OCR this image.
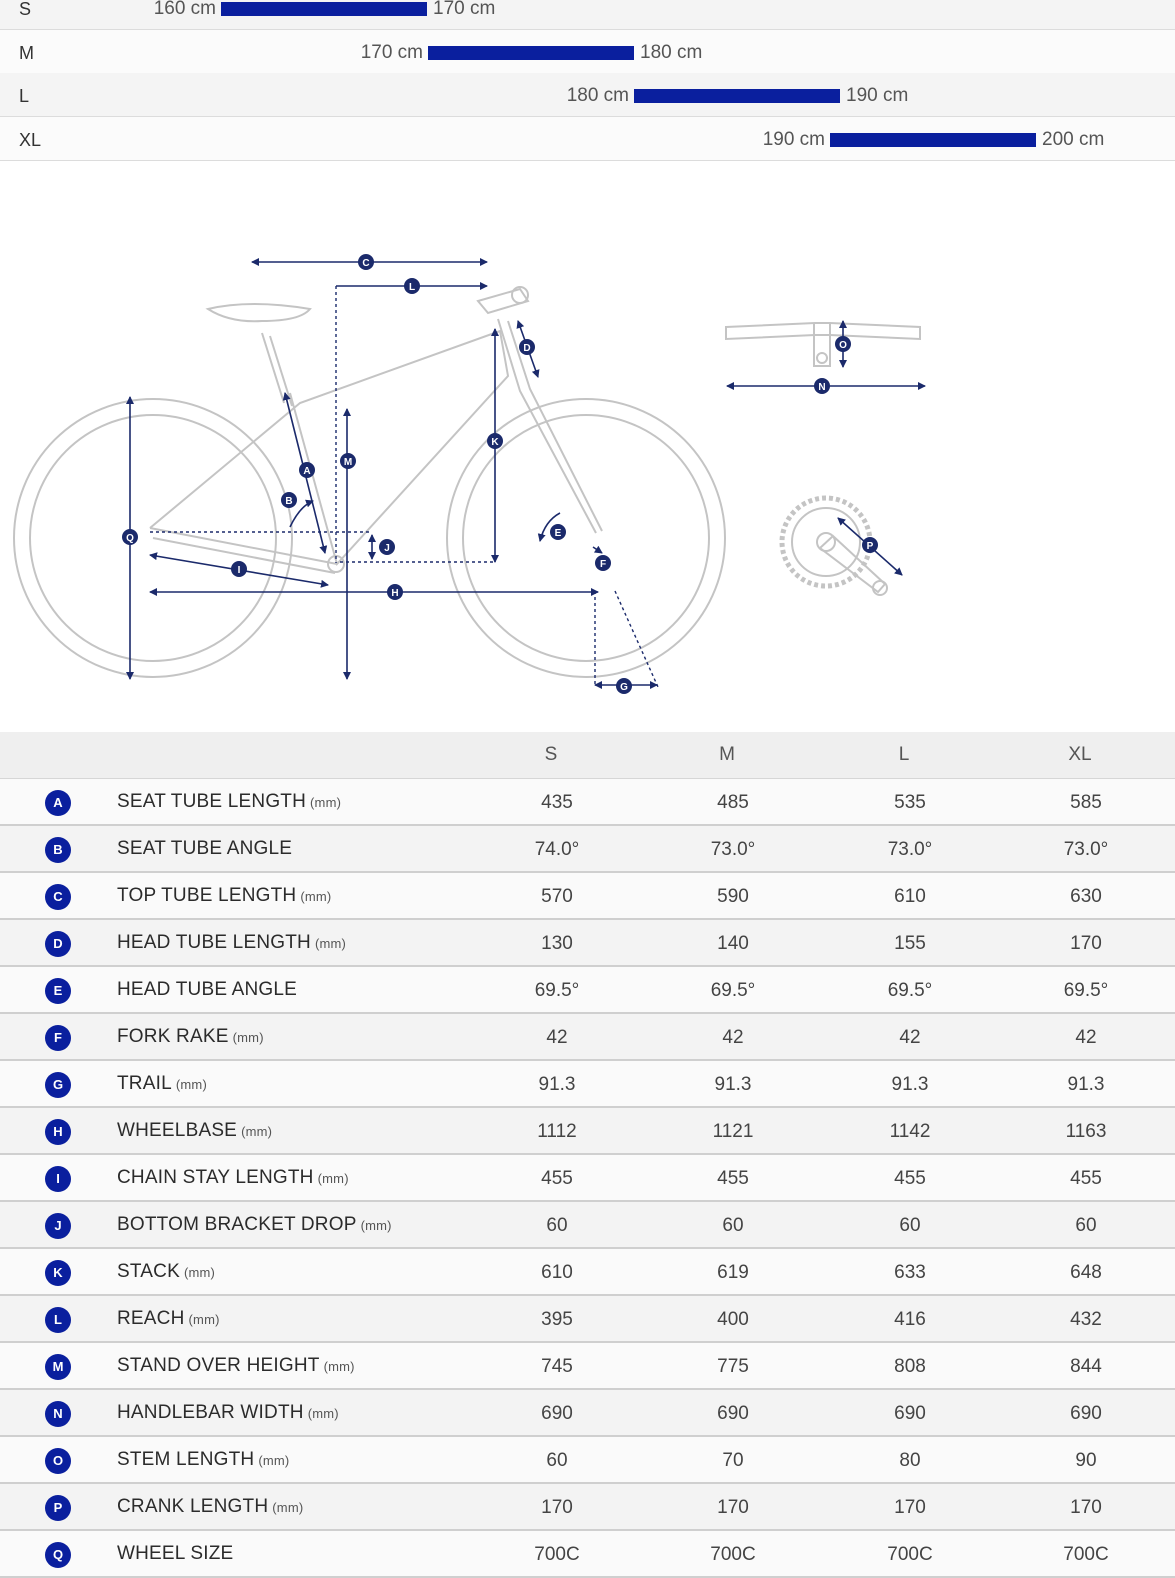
S	160 cm	170 cm
M	170 cm	180 cm
L	180 cm	190 cm
XL	190 cm	200 cm
A
B
C
D
E
F
G
H
I
J
K
L
M
N
O
P
Q
S	M	L	XL
A	SEAT TUBE LENGTH (mm)	435	485	535	585
B	SEAT TUBE ANGLE	74.0°	73.0°	73.0°	73.0°
C	TOP TUBE LENGTH (mm)	570	590	610	630
D	HEAD TUBE LENGTH (mm)	130	140	155	170
E	HEAD TUBE ANGLE	69.5°	69.5°	69.5°	69.5°
F	FORK RAKE (mm)	42	42	42	42
G	TRAIL (mm)	91.3	91.3	91.3	91.3
H	WHEELBASE (mm)	1112	1121	1142	1163
I	CHAIN STAY LENGTH (mm)	455	455	455	455
J	BOTTOM BRACKET DROP (mm)	60	60	60	60
K	STACK (mm)	610	619	633	648
L	REACH (mm)	395	400	416	432
M	STAND OVER HEIGHT (mm)	745	775	808	844
N	HANDLEBAR WIDTH (mm)	690	690	690	690
O	STEM LENGTH (mm)	60	70	80	90
P	CRANK LENGTH (mm)	170	170	170	170
Q	WHEEL SIZE	700C	700C	700C	700C
